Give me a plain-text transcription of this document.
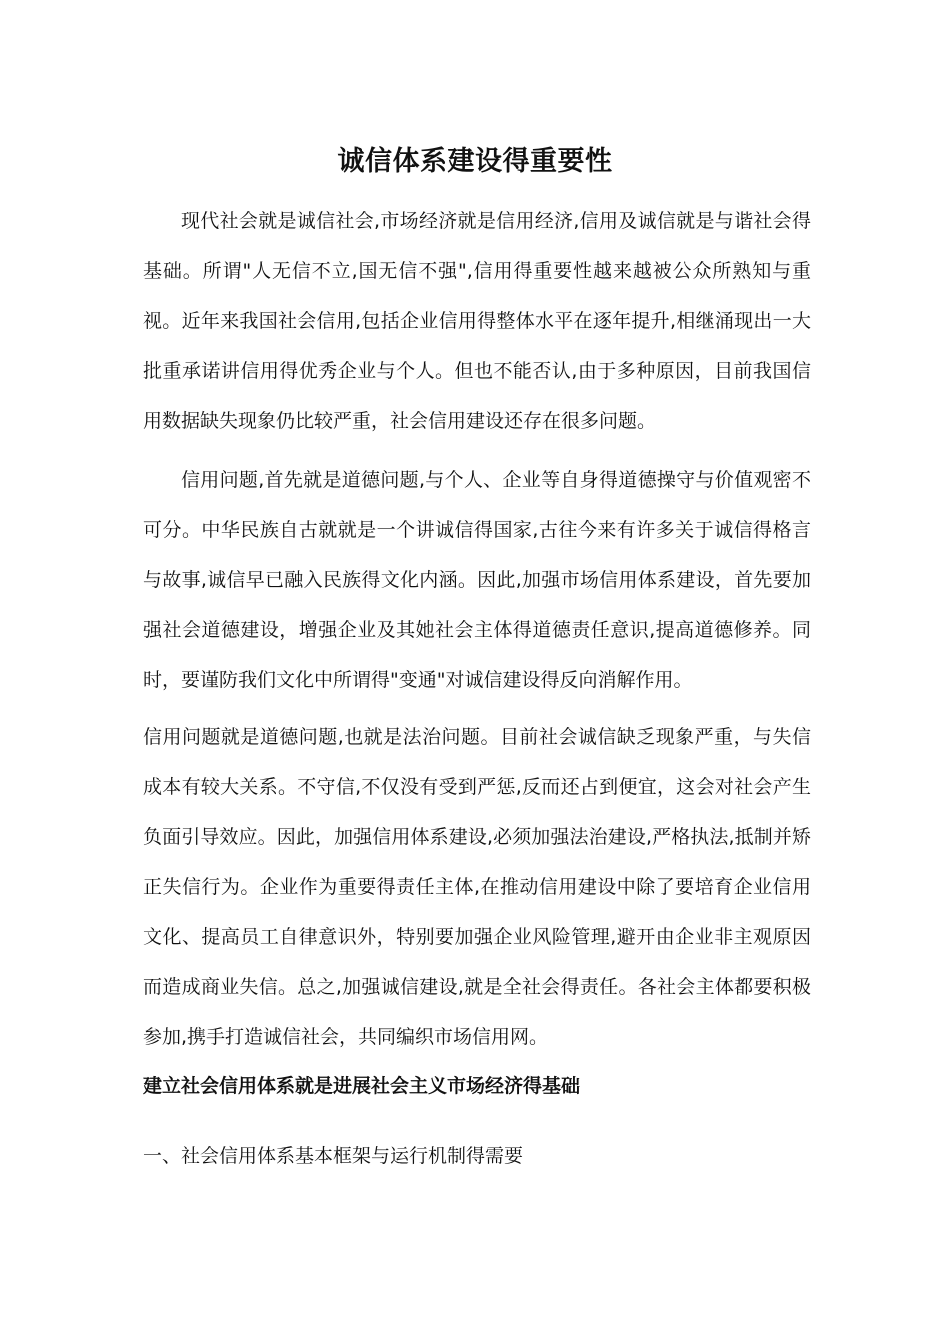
诚信体系建设得重要性

现代社会就是诚信社会,市场经济就是信用经济,信用及诚信就是与谐社会得基础。所谓"人无信不立,国无信不强",信用得重要性越来越被公众所熟知与重视。近年来我国社会信用,包括企业信用得整体水平在逐年提升,相继涌现出一大批重承诺讲信用得优秀企业与个人。但也不能否认,由于多种原因，目前我国信用数据缺失现象仍比较严重，社会信用建设还存在很多问题。

信用问题,首先就是道德问题,与个人、企业等自身得道德操守与价值观密不可分。中华民族自古就就是一个讲诚信得国家,古往今来有许多关于诚信得格言与故事,诚信早已融入民族得文化内涵。因此,加强市场信用体系建设，首先要加强社会道德建设，增强企业及其她社会主体得道德责任意识,提高道德修养。同时，要谨防我们文化中所谓得"变通"对诚信建设得反向消解作用。

信用问题就是道德问题,也就是法治问题。目前社会诚信缺乏现象严重，与失信成本有较大关系。不守信,不仅没有受到严惩,反而还占到便宜，这会对社会产生负面引导效应。因此，加强信用体系建设,必须加强法治建设,严格执法,抵制并矫正失信行为。企业作为重要得责任主体,在推动信用建设中除了要培育企业信用文化、提高员工自律意识外，特别要加强企业风险管理,避开由企业非主观原因而造成商业失信。总之,加强诚信建设,就是全社会得责任。各社会主体都要积极参加,携手打造诚信社会，共同编织市场信用网。

建立社会信用体系就是进展社会主义市场经济得基础
一、社会信用体系基本框架与运行机制得需要
